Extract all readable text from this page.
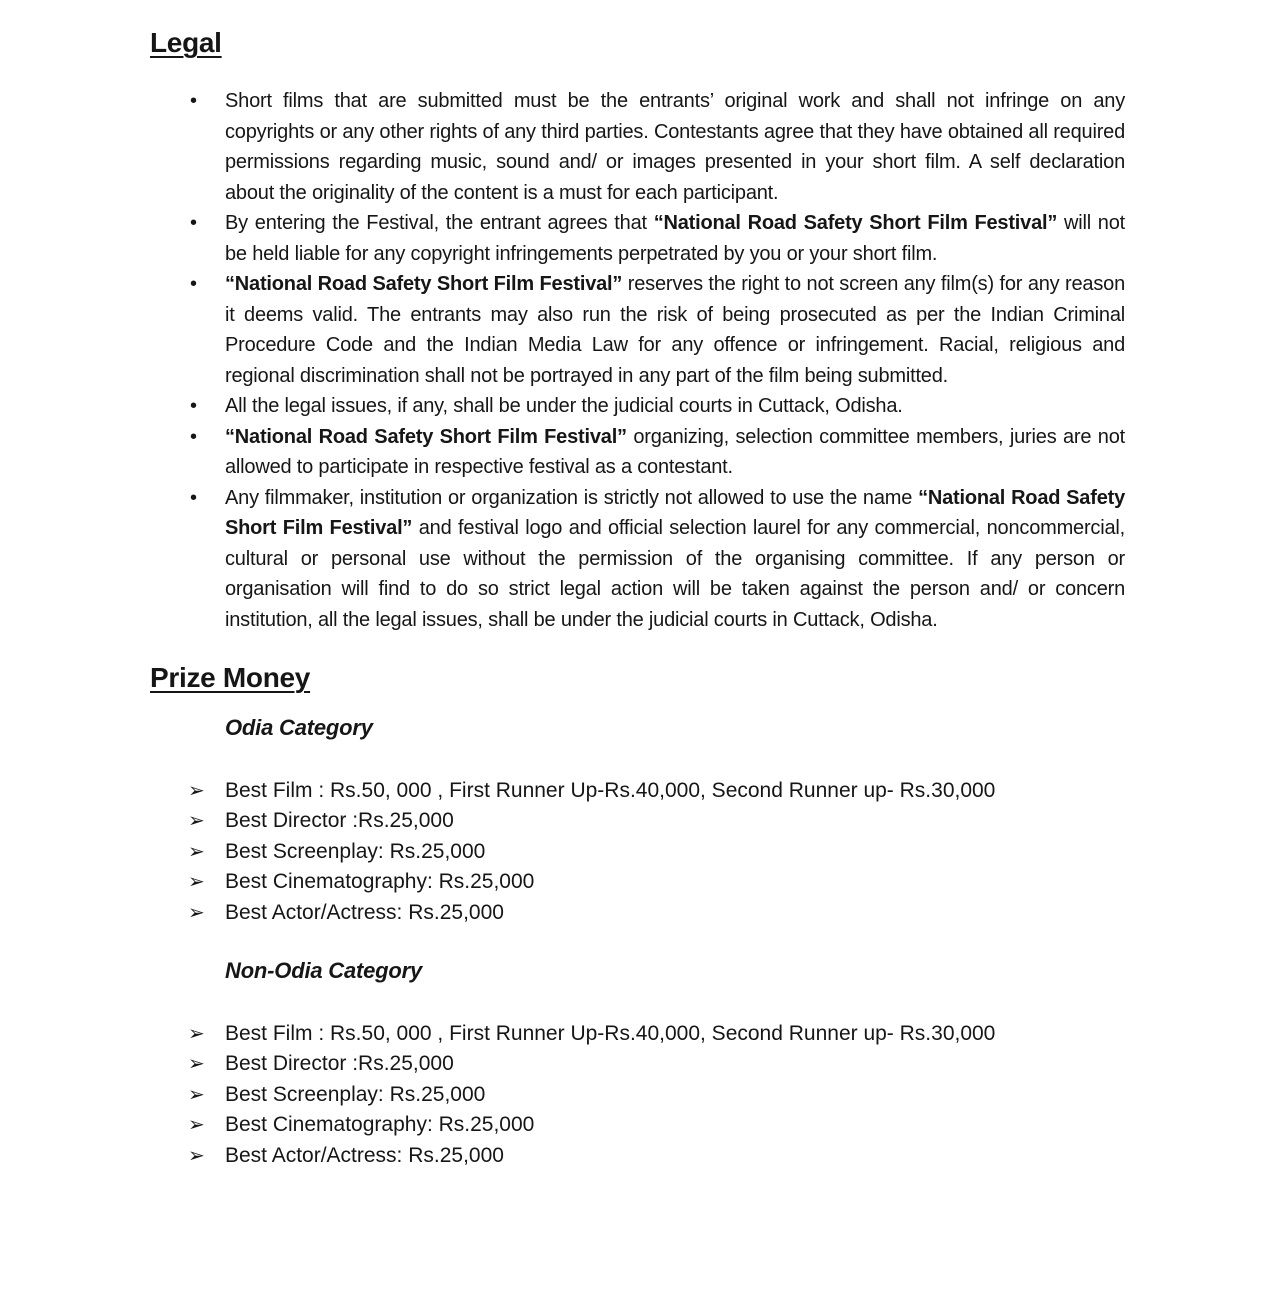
Legal
• Short films that are submitted must be the entrants’ original work and shall not infringe on any copyrights or any other rights of any third parties. Contestants agree that they have obtained all required permissions regarding music, sound and/ or images presented in your short film. A self declaration about the originality of the content is a must for each participant.
• By entering the Festival, the entrant agrees that “National Road Safety Short Film Festival” will not be held liable for any copyright infringements perpetrated by you or your short film.
• “National Road Safety Short Film Festival” reserves the right to not screen any film(s) for any reason it deems valid. The entrants may also run the risk of being prosecuted as per the Indian Criminal Procedure Code and the Indian Media Law for any offence or infringement. Racial, religious and regional discrimination shall not be portrayed in any part of the film being submitted.
• All the legal issues, if any, shall be under the judicial courts in Cuttack, Odisha.
• “National Road Safety Short Film Festival” organizing, selection committee members, juries are not allowed to participate in respective festival as a contestant.
• Any filmmaker, institution or organization is strictly not allowed to use the name “National Road Safety Short Film Festival” and festival logo and official selection laurel for any commercial, noncommercial, cultural or personal use without the permission of the organising committee. If any person or organisation will find to do so strict legal action will be taken against the person and/ or concern institution, all the legal issues, shall be under the judicial courts in Cuttack, Odisha.
Prize Money
Odia Category
➢ Best Film : Rs.50, 000 , First Runner Up-Rs.40,000, Second Runner up- Rs.30,000
➢ Best Director :Rs.25,000
➢ Best Screenplay: Rs.25,000
➢ Best Cinematography: Rs.25,000
➢ Best Actor/Actress: Rs.25,000
Non-Odia Category
➢ Best Film : Rs.50, 000 , First Runner Up-Rs.40,000, Second Runner up- Rs.30,000
➢ Best Director :Rs.25,000
➢ Best Screenplay: Rs.25,000
➢ Best Cinematography: Rs.25,000
➢ Best Actor/Actress: Rs.25,000
